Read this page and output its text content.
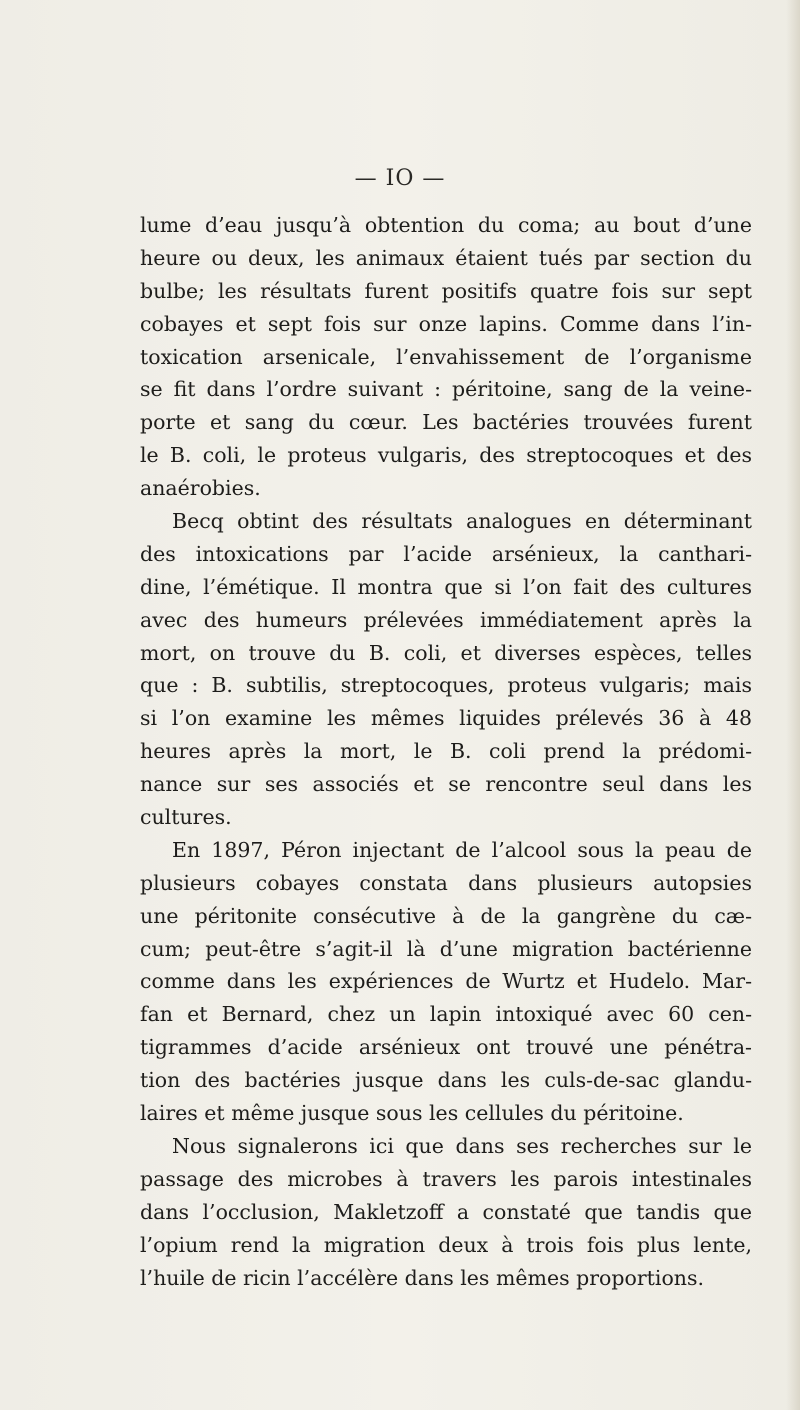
— IO —
lume d’eau jusqu’à obtention du coma; au bout d’une
heure ou deux, les animaux étaient tués par section du
bulbe; les résultats furent positifs quatre fois sur sept
cobayes et sept fois sur onze lapins. Comme dans l’in-
toxication arsenicale, l’envahissement de l’organisme
se fit dans l’ordre suivant : péritoine, sang de la veine-
porte et sang du cœur. Les bactéries trouvées furent
le B. coli, le proteus vulgaris, des streptocoques et des
anaérobies.
Becq obtint des résultats analogues en déterminant
des intoxications par l’acide arsénieux, la canthari-
dine, l’émétique. Il montra que si l’on fait des cultures
avec des humeurs prélevées immédiatement après la
mort, on trouve du B. coli, et diverses espèces, telles
que : B. subtilis, streptocoques, proteus vulgaris; mais
si l’on examine les mêmes liquides prélevés 36 à 48
heures après la mort, le B. coli prend la prédomi-
nance sur ses associés et se rencontre seul dans les
cultures.
En 1897, Péron injectant de l’alcool sous la peau de
plusieurs cobayes constata dans plusieurs autopsies
une péritonite consécutive à de la gangrène du cæ-
cum; peut-être s’agit-il là d’une migration bactérienne
comme dans les expériences de Wurtz et Hudelo. Mar-
fan et Bernard, chez un lapin intoxiqué avec 60 cen-
tigrammes d’acide arsénieux ont trouvé une pénétra-
tion des bactéries jusque dans les culs-de-sac glandu-
laires et même jusque sous les cellules du péritoine.
Nous signalerons ici que dans ses recherches sur le
passage des microbes à travers les parois intestinales
dans l’occlusion, Makletzoff a constaté que tandis que
l’opium rend la migration deux à trois fois plus lente,
l’huile de ricin l’accélère dans les mêmes proportions.
